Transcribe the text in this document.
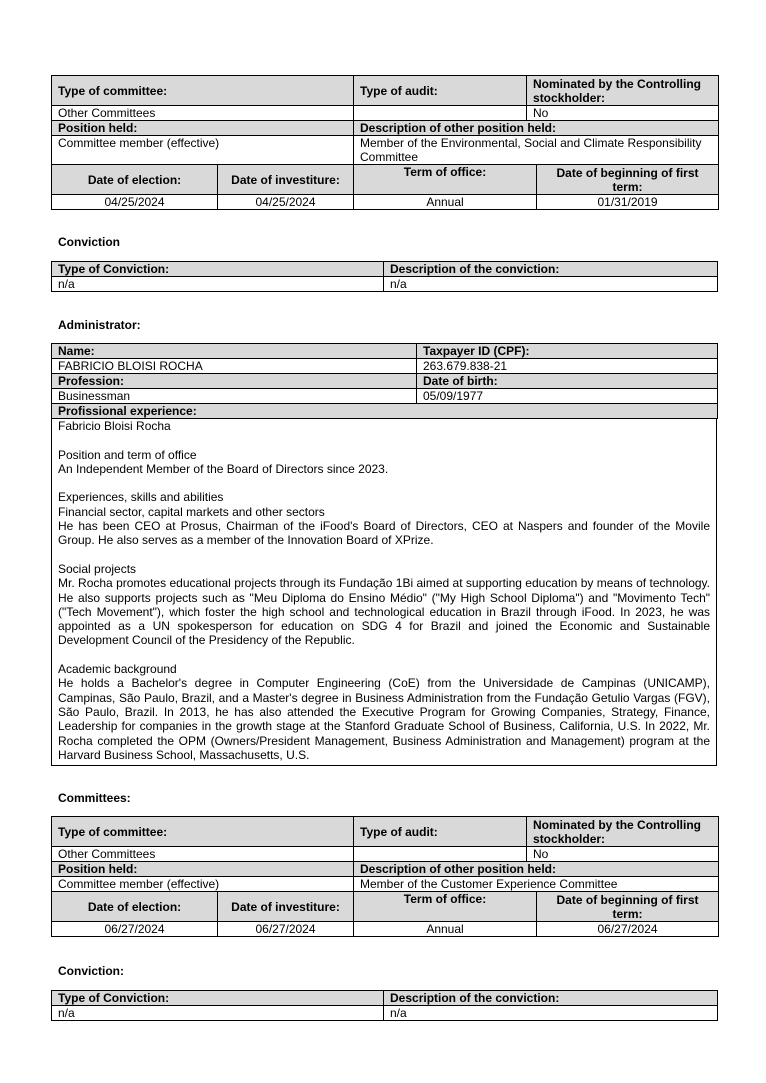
Type of committee:		Type of audit:	Nominated by the Controlling stockholder:	
Other Committees			No	
Position held:		Description of other position held:		
Committee member (effective)		Member of the Environmental, Social and Climate Responsibility Committee		
Date of election:	Date of investiture:	Term of office:		Date of beginning of first term:
04/25/2024	04/25/2024	Annual		01/31/2019
Conviction
Type of Conviction:	Description of the conviction:
n/a	n/a
Administrator:
Name:	Taxpayer ID (CPF):
FABRICIO BLOISI ROCHA	263.679.838-21
Profession:	Date of birth:
Businessman	05/09/1977
Profissional experience:	

Fabricio Bloisi Rocha

Position and term of office

An Independent Member of the Board of Directors since 2023.

Experiences, skills and abilities

Financial sector, capital markets and other sectors

He has been CEO at Prosus, Chairman of the iFood's Board of Directors, CEO at Naspers and founder of the Movile Group. He also serves as a member of the Innovation Board of XPrize.

Social projects

Mr. Rocha promotes educational projects through its Fundação 1Bi aimed at supporting education by means of technology. He also supports projects such as "Meu Diploma do Ensino Médio" ("My High School Diploma") and "Movimento Tech" ("Tech Movement"), which foster the high school and technological education in Brazil through iFood. In 2023, he was appointed as a UN spokesperson for education on SDG 4 for Brazil and joined the Economic and Sustainable Development Council of the Presidency of the Republic.

Academic background

He holds a Bachelor's degree in Computer Engineering (CoE) from the Universidade de Campinas (UNICAMP), Campinas, São Paulo, Brazil, and a Master's degree in Business Administration from the Fundação Getulio Vargas (FGV), São Paulo, Brazil. In 2013, he has also attended the Executive Program for Growing Companies, Strategy, Finance, Leadership for companies in the growth stage at the Stanford Graduate School of Business, California, U.S. In 2022, Mr. Rocha completed the OPM (Owners/President Management, Business Administration and Management) program at the Harvard Business School, Massachusetts, U.S.

Committees:
Type of committee:		Type of audit:	Nominated by the Controlling stockholder:	
Other Committees			No	
Position held:		Description of other position held:		
Committee member (effective)		Member of the Customer Experience Committee		
Date of election:	Date of investiture:	Term of office:		Date of beginning of first term:
06/27/2024	06/27/2024	Annual		06/27/2024
Conviction:
Type of Conviction:	Description of the conviction:
n/a	n/a
